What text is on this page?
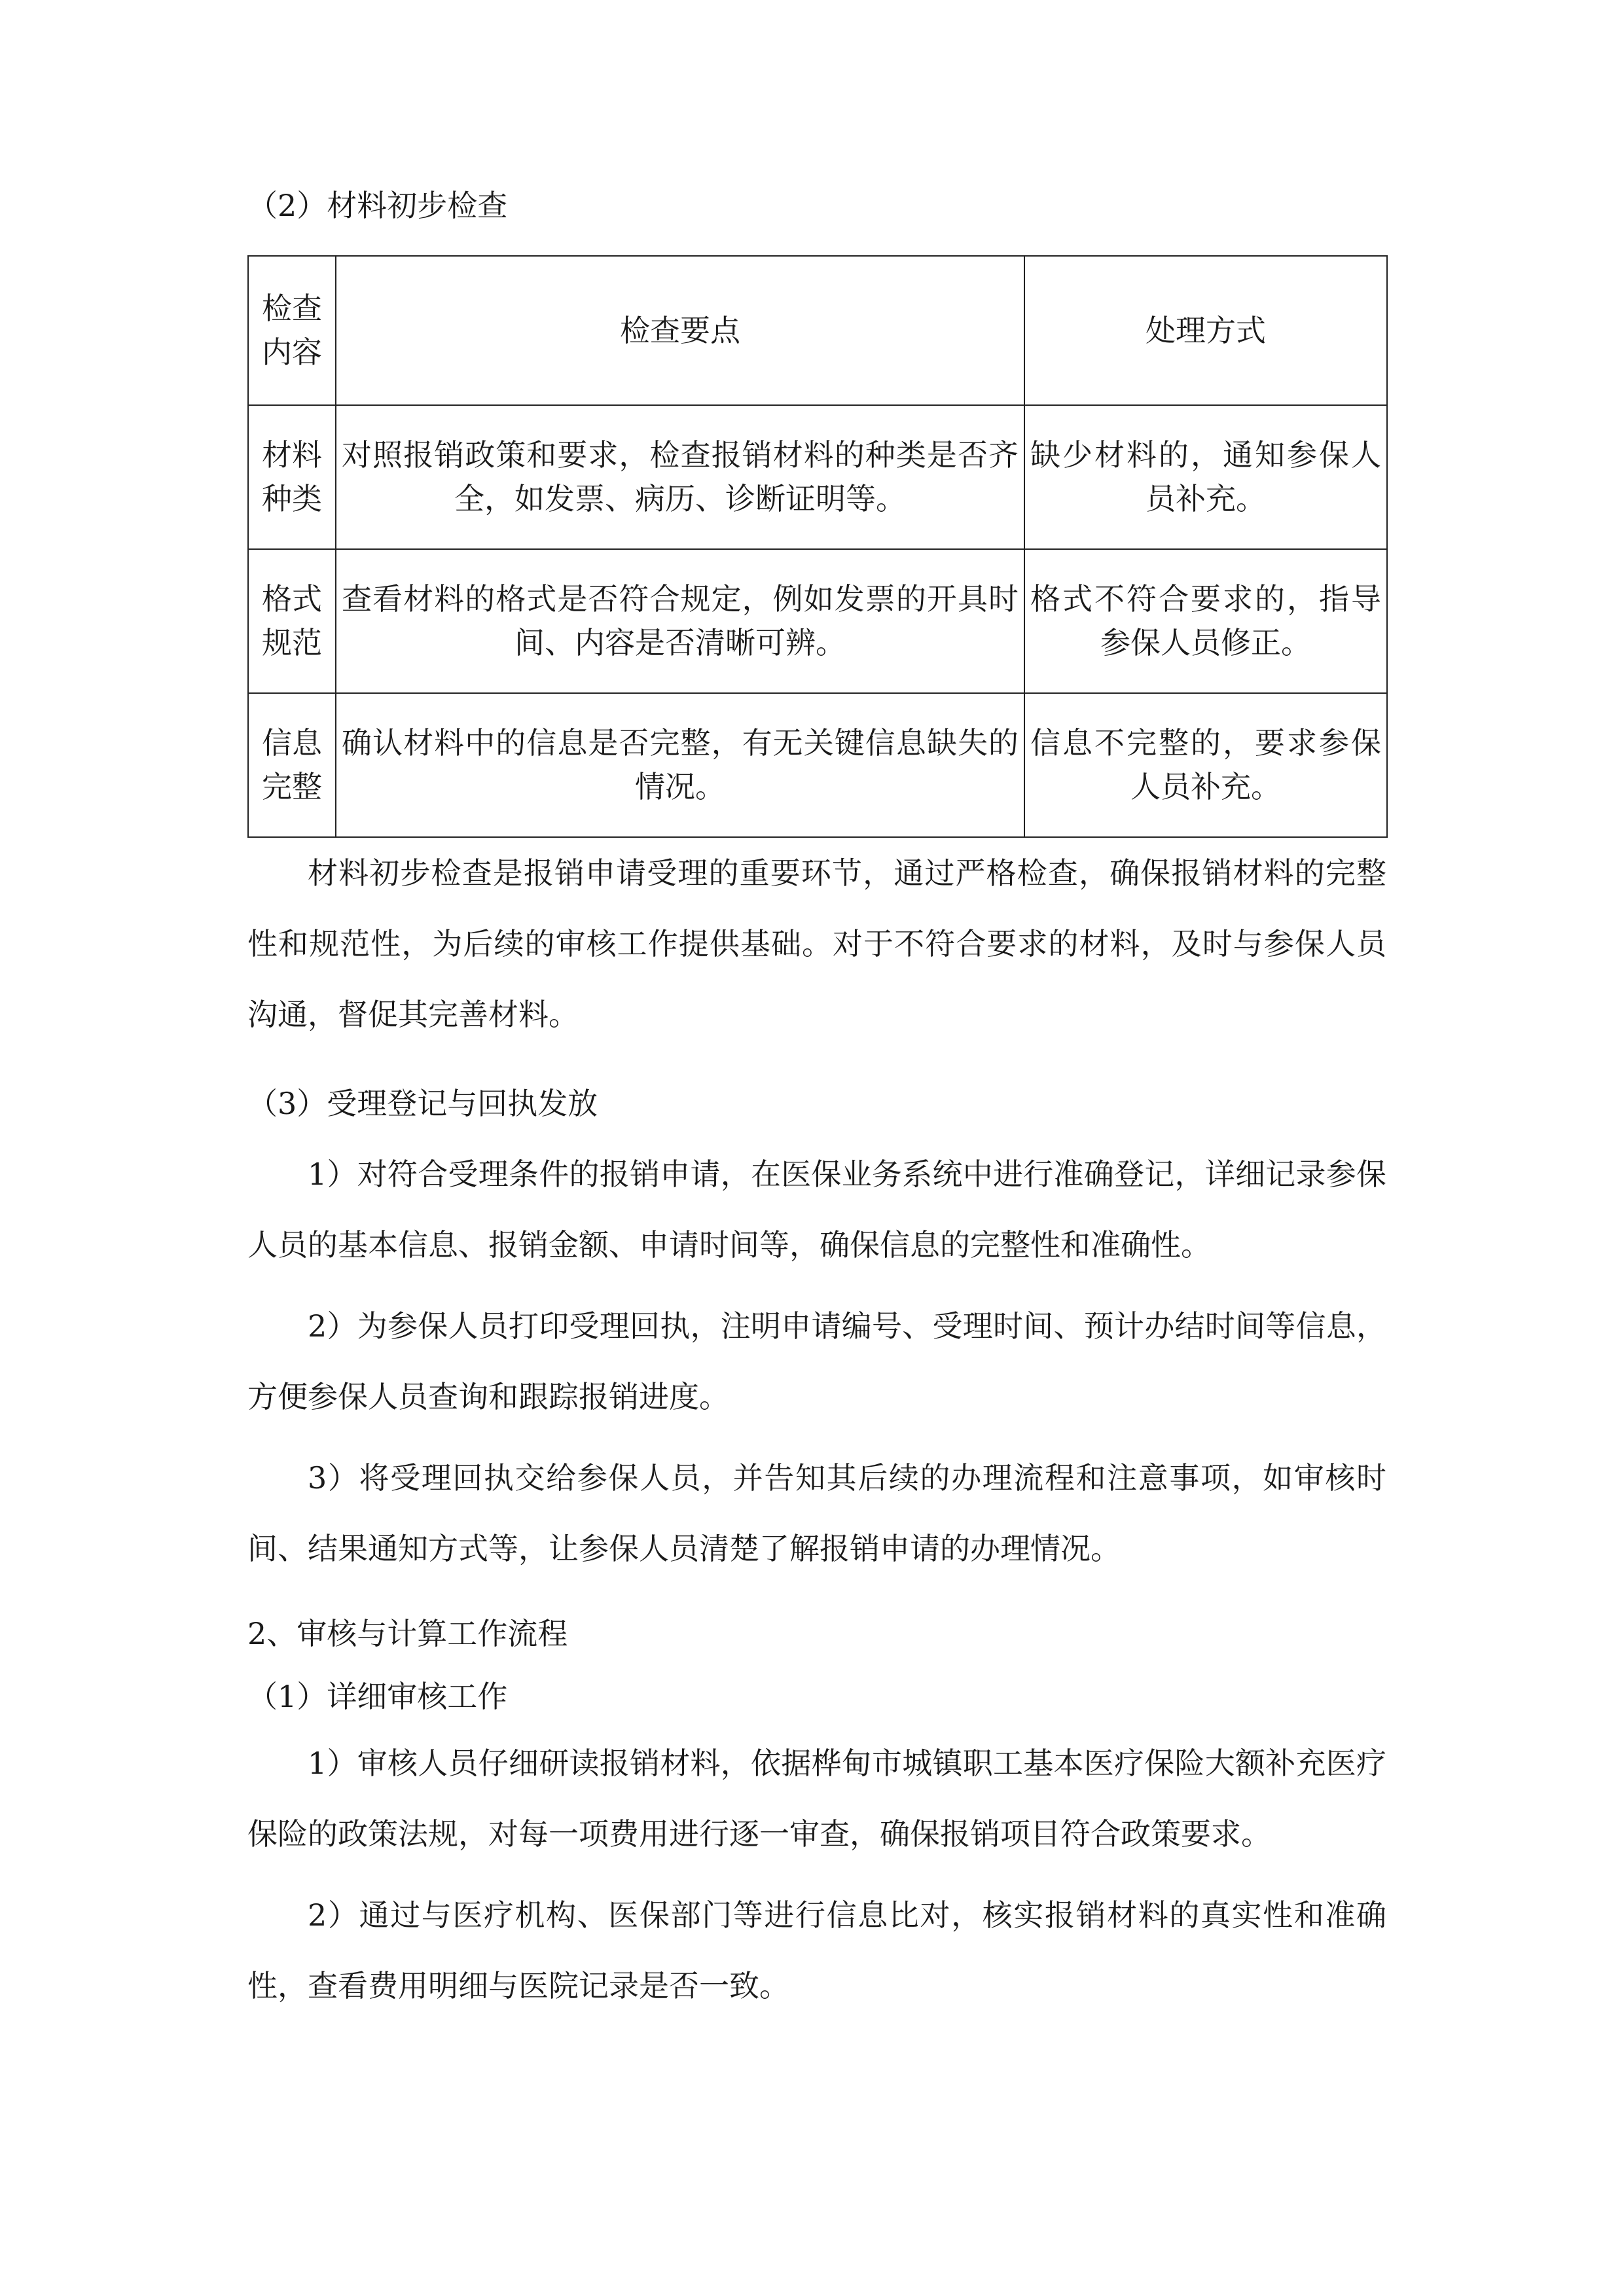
（2）材料初步检查

检查内容	检查要点	处理方式
材料种类	对照报销政策和要求，检查报销材料的种类是否齐全，如发票、病历、诊断证明等。	缺少材料的，通知参保人员补充。
格式规范	查看材料的格式是否符合规定，例如发票的开具时间、内容是否清晰可辨。	格式不符合要求的，指导参保人员修正。
信息完整	确认材料中的信息是否完整，有无关键信息缺失的情况。	信息不完整的，要求参保人员补充。

材料初步检查是报销申请受理的重要环节，通过严格检查，确保报销材料的完整性和规范性，为后续的审核工作提供基础。对于不符合要求的材料，及时与参保人员沟通，督促其完善材料。

（3）受理登记与回执发放

1）对符合受理条件的报销申请，在医保业务系统中进行准确登记，详细记录参保人员的基本信息、报销金额、申请时间等，确保信息的完整性和准确性。

2）为参保人员打印受理回执，注明申请编号、受理时间、预计办结时间等信息，方便参保人员查询和跟踪报销进度。

3）将受理回执交给参保人员，并告知其后续的办理流程和注意事项，如审核时间、结果通知方式等，让参保人员清楚了解报销申请的办理情况。

2、审核与计算工作流程

（1）详细审核工作

1）审核人员仔细研读报销材料，依据桦甸市城镇职工基本医疗保险大额补充医疗保险的政策法规，对每一项费用进行逐一审查，确保报销项目符合政策要求。

2）通过与医疗机构、医保部门等进行信息比对，核实报销材料的真实性和准确性，查看费用明细与医院记录是否一致。
